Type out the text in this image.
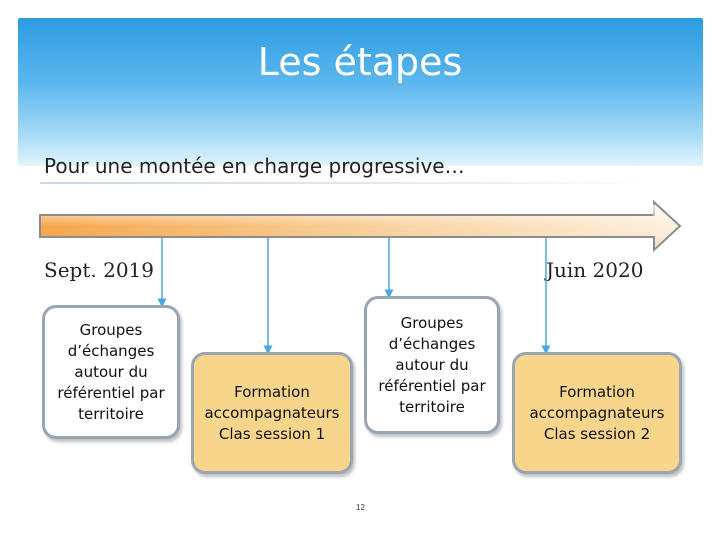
Les étapes
Pour une montée en charge progressive…
Sept. 2019	Juin 2020
Groupes d’échanges autour du référentiel par territoire
Formation accompagnateurs Clas session 1
Groupes d’échanges autour du référentiel par territoire
Formation accompagnateurs Clas session 2
12
